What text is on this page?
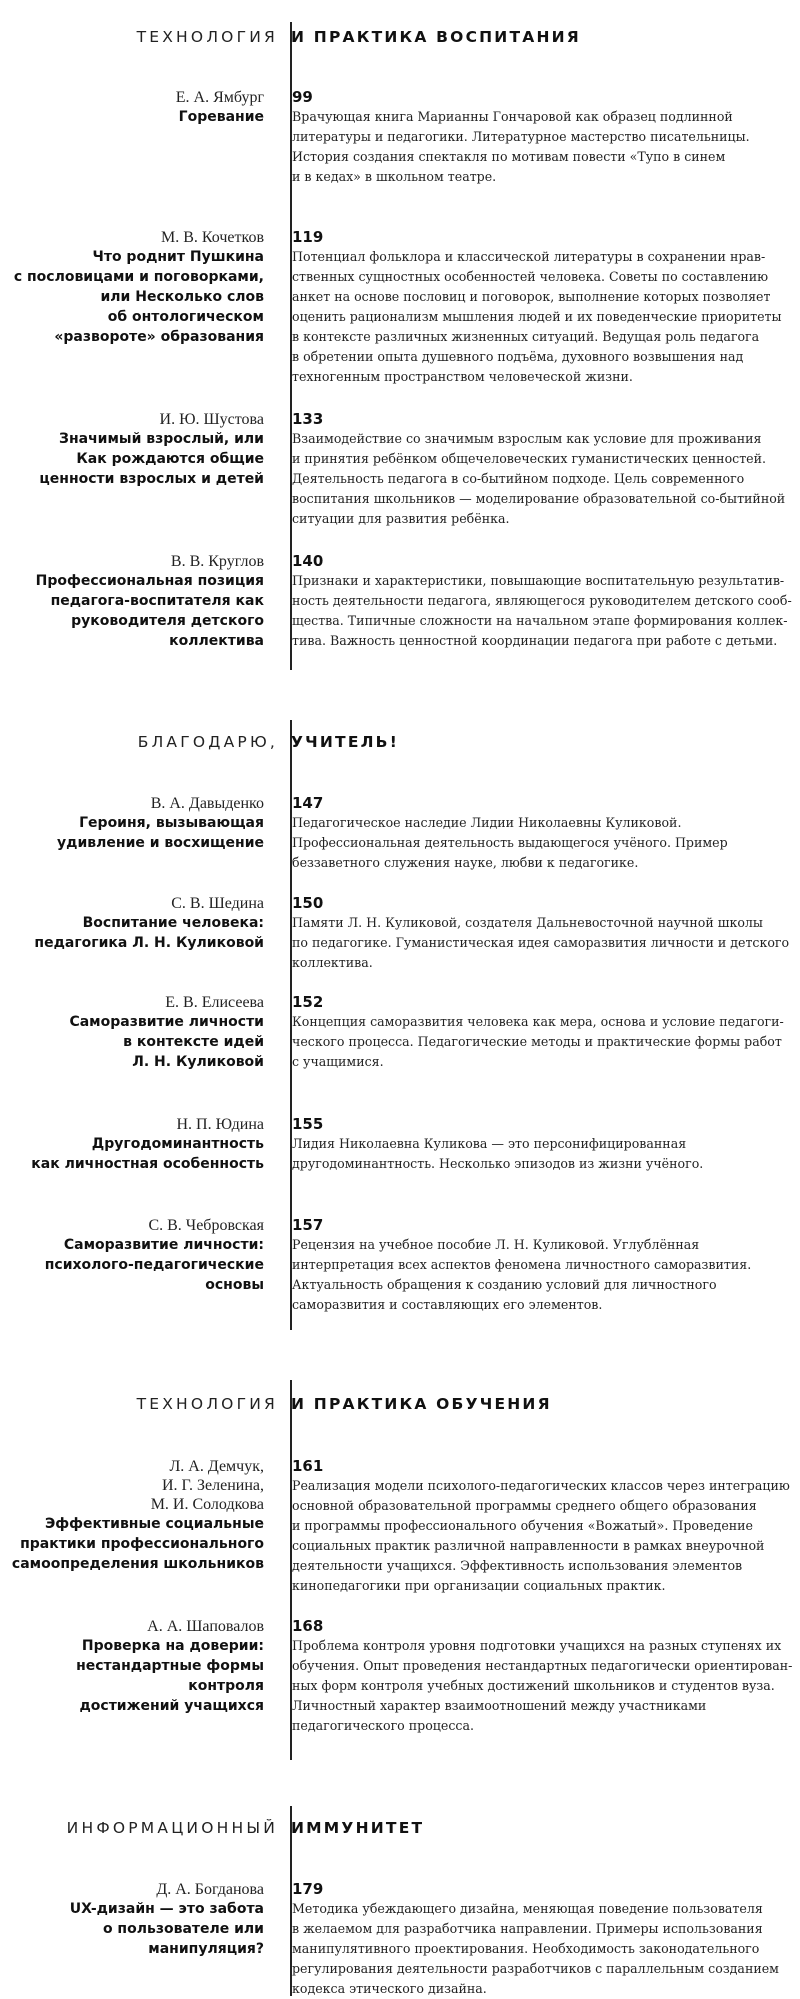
ТЕХНОЛОГИЯ И ПРАКТИКА ВОСПИТАНИЯ
Е. А. Ямбург
Горевание
99
Врачующая книга Марианны Гончаровой как образец подлинной
литературы и педагогики. Литературное мастерство писательницы.
История создания спектакля по мотивам повести «Тупо в синем
и в кедах» в школьном театре.
М. В. Кочетков
Что роднит Пушкина
с пословицами и поговорками,
или Несколько слов
об онтологическом
«развороте» образования
119
Потенциал фольклора и классической литературы в сохранении нрав-
ственных сущностных особенностей человека. Советы по составлению
анкет на основе пословиц и поговорок, выполнение которых позволяет
оценить рационализм мышления людей и их поведенческие приоритеты
в контексте различных жизненных ситуаций. Ведущая роль педагога
в обретении опыта душевного подъёма, духовного возвышения над
техногенным пространством человеческой жизни.
И. Ю. Шустова
Значимый взрослый, или
Как рождаются общие
ценности взрослых и детей
133
Взаимодействие со значимым взрослым как условие для проживания
и принятия ребёнком общечеловеческих гуманистических ценностей.
Деятельность педагога в со-бытийном подходе. Цель современного
воспитания школьников — моделирование образовательной со-бытийной
ситуации для развития ребёнка.
В. В. Круглов
Профессиональная позиция
педагога-воспитателя как
руководителя детского
коллектива
140
Признаки и характеристики, повышающие воспитательную результатив-
ность деятельности педагога, являющегося руководителем детского сооб-
щества. Типичные сложности на начальном этапе формирования коллек-
тива. Важность ценностной координации педагога при работе с детьми.
БЛАГОДАРЮ, УЧИТЕЛЬ!
В. А. Давыденко
Героиня, вызывающая
удивление и восхищение
147
Педагогическое наследие Лидии Николаевны Куликовой.
Профессиональная деятельность выдающегося учёного. Пример
беззаветного служения науке, любви к педагогике.
С. В. Шедина
Воспитание человека:
педагогика Л. Н. Куликовой
150
Памяти Л. Н. Куликовой, создателя Дальневосточной научной школы
по педагогике. Гуманистическая идея саморазвития личности и детского
коллектива.
Е. В. Елисеева
Саморазвитие личности
в контексте идей
Л. Н. Куликовой
152
Концепция саморазвития человека как мера, основа и условие педагоги-
ческого процесса. Педагогические методы и практические формы работ
с учащимися.
Н. П. Юдина
Другодоминантность
как личностная особенность
155
Лидия Николаевна Куликова — это персонифицированная
другодоминантность. Несколько эпизодов из жизни учёного.
С. В. Чебровская
Саморазвитие личности:
психолого-педагогические
основы
157
Рецензия на учебное пособие Л. Н. Куликовой. Углублённая
интерпретация всех аспектов феномена личностного саморазвития.
Актуальность обращения к созданию условий для личностного
саморазвития и составляющих его элементов.
ТЕХНОЛОГИЯ И ПРАКТИКА ОБУЧЕНИЯ
Л. А. Демчук,
И. Г. Зеленина,
М. И. Солодкова
Эффективные социальные
практики профессионального
самоопределения школьников
161
Реализация модели психолого-педагогических классов через интеграцию
основной образовательной программы среднего общего образования
и программы профессионального обучения «Вожатый». Проведение
социальных практик различной направленности в рамках внеурочной
деятельности учащихся. Эффективность использования элементов
кинопедагогики при организации социальных практик.
А. А. Шаповалов
Проверка на доверии:
нестандартные формы контроля
достижений учащихся
168
Проблема контроля уровня подготовки учащихся на разных ступенях их
обучения. Опыт проведения нестандартных педагогически ориентирован-
ных форм контроля учебных достижений школьников и студентов вуза.
Личностный характер взаимоотношений между участниками
педагогического процесса.
ИНФОРМАЦИОННЫЙ ИММУНИТЕТ
Д. А. Богданова
UX-дизайн — это забота
о пользователе или
манипуляция?
179
Методика убеждающего дизайна, меняющая поведение пользователя
в желаемом для разработчика направлении. Примеры использования
манипулятивного проектирования. Необходимость законодательного
регулирования деятельности разработчиков с параллельным созданием
кодекса этического дизайна.
